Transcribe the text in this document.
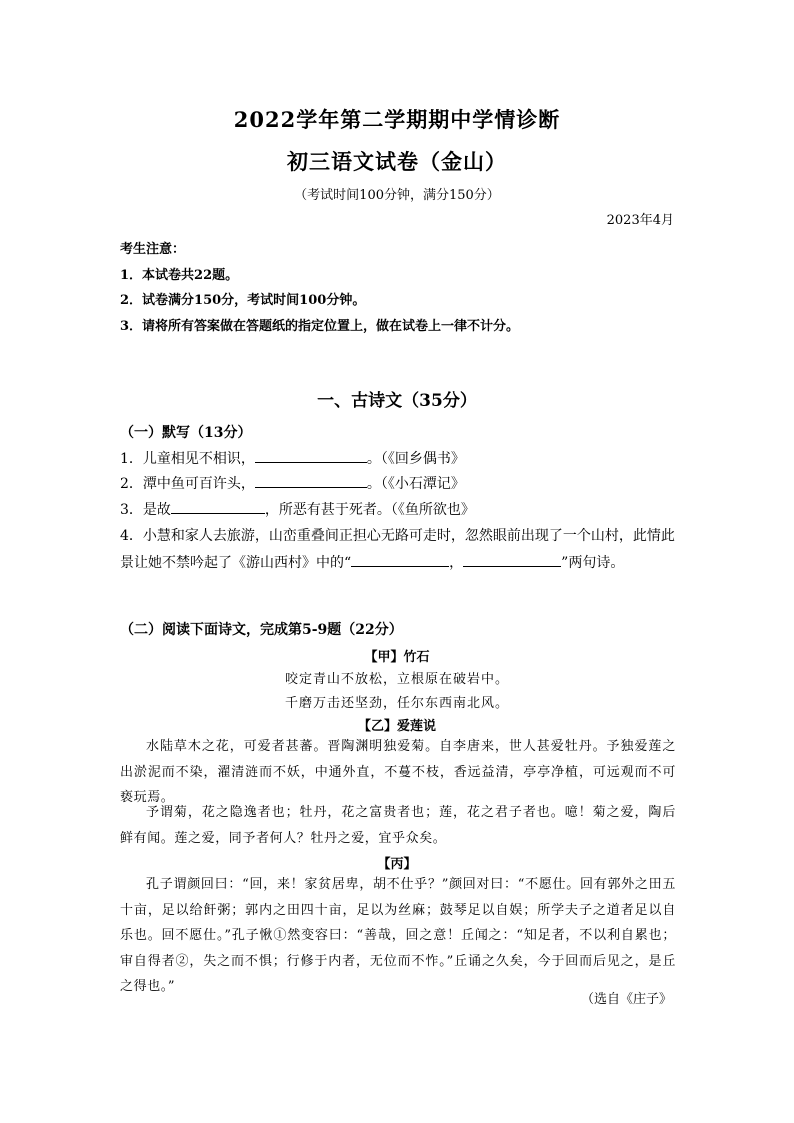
2022学年第二学期期中学情诊断
初三语文试卷（金山）
（考试时间100分钟，满分150分）
2023年4月
考生注意：
1．本试卷共22题。
2．试卷满分150分，考试时间100分钟。
3．请将所有答案做在答题纸的指定位置上，做在试卷上一律不计分。
一、古诗文（35分）
（一）默写（13分）
1．儿童相见不相识，	。（《回乡偶书》
2．潭中鱼可百许头，	。（《小石潭记》
3．是故	，所恶有甚于死者。（《鱼所欲也》
4．小慧和家人去旅游，山峦重叠间正担心无路可走时，忽然眼前出现了一个山村，此情此
景让她不禁吟起了《游山西村》中的“	，	”两句诗。
（二）阅读下面诗文，完成第5-9题（22分）
【甲】竹石
咬定青山不放松，立根原在破岩中。
千磨万击还坚劲，任尔东西南北风。
【乙】爱莲说
水陆草木之花，可爱者甚蕃。晋陶渊明独爱菊。自李唐来，世人甚爱牡丹。予独爱莲之出淤泥而不染，濯清涟而不妖，中通外直，不蔓不枝，香远益清，亭亭净植，可远观而不可亵玩焉。
予谓菊，花之隐逸者也；牡丹，花之富贵者也；莲，花之君子者也。噫！菊之爱，陶后鲜有闻。莲之爱，同予者何人？牡丹之爱，宜乎众矣。
【丙】
孔子谓颜回曰：“回，来！家贫居卑，胡不仕乎？”颜回对曰：“不愿仕。回有郭外之田五十亩，足以给飦粥；郭内之田四十亩，足以为丝麻；鼓琴足以自娱；所学夫子之道者足以自乐也。回不愿仕。”孔子愀①然变容曰：“善哉，回之意！丘闻之：“知足者，不以利自累也；审自得者②，失之而不惧；行修于内者，无位而不怍。”丘诵之久矣，今于回而后见之，是丘之得也。”
（选自《庄子》
